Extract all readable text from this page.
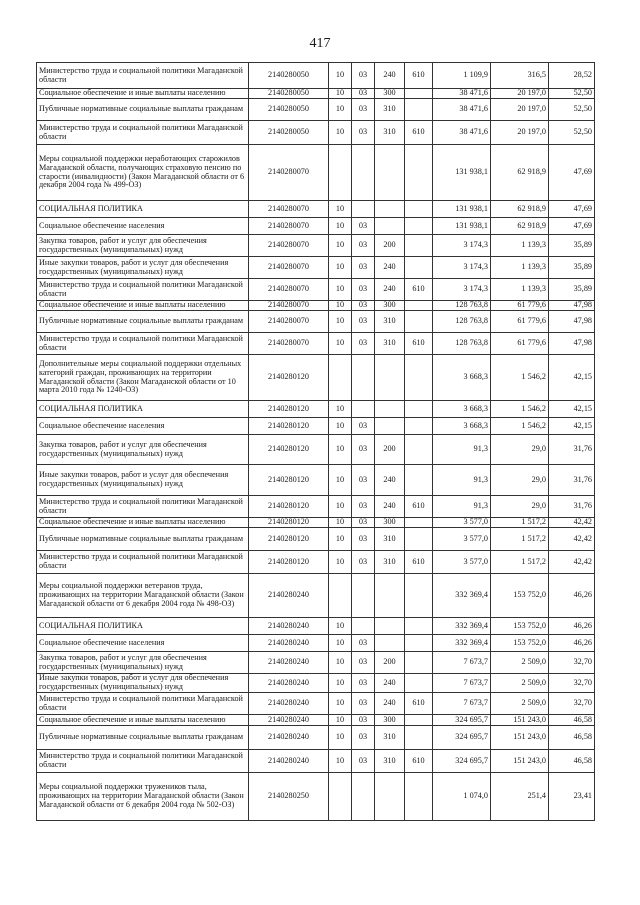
417
Министерство труда и социальной политики Магаданской области	2140280050	10	03	240	610	1 109,9	316,5	28,52
Социальное обеспечение и иные выплаты населению	2140280050	10	03	300		38 471,6	20 197,0	52,50
Публичные нормативные социальные выплаты гражданам	2140280050	10	03	310		38 471,6	20 197,0	52,50
Министерство труда и социальной политики Магаданской области	2140280050	10	03	310	610	38 471,6	20 197,0	52,50
Меры социальной поддержки неработающих старожилов Магаданской области, получающих страховую пенсию по старости (инвалидности) (Закон Магаданской области от 6 декабря 2004 года № 499-ОЗ)	2140280070					131 938,1	62 918,9	47,69
СОЦИАЛЬНАЯ ПОЛИТИКА	2140280070	10				131 938,1	62 918,9	47,69
Социальное обеспечение населения	2140280070	10	03			131 938,1	62 918,9	47,69
Закупка товаров, работ и услуг для обеспечения государственных (муниципальных) нужд	2140280070	10	03	200		3 174,3	1 139,3	35,89
Иные закупки товаров, работ и услуг для обеспечения государственных (муниципальных) нужд	2140280070	10	03	240		3 174,3	1 139,3	35,89
Министерство труда и социальной политики Магаданской области	2140280070	10	03	240	610	3 174,3	1 139,3	35,89
Социальное обеспечение и иные выплаты населению	2140280070	10	03	300		128 763,8	61 779,6	47,98
Публичные нормативные социальные выплаты гражданам	2140280070	10	03	310		128 763,8	61 779,6	47,98
Министерство труда и социальной политики Магаданской области	2140280070	10	03	310	610	128 763,8	61 779,6	47,98
Дополнительные меры социальной поддержки отдельных категорий граждан, проживающих на территории Магаданской области (Закон Магаданской области от 10 марта 2010 года № 1240-ОЗ)	2140280120					3 668,3	1 546,2	42,15
СОЦИАЛЬНАЯ ПОЛИТИКА	2140280120	10				3 668,3	1 546,2	42,15
Социальное обеспечение населения	2140280120	10	03			3 668,3	1 546,2	42,15
Закупка товаров, работ и услуг для обеспечения государственных (муниципальных) нужд	2140280120	10	03	200		91,3	29,0	31,76
Иные закупки товаров, работ и услуг для обеспечения государственных (муниципальных) нужд	2140280120	10	03	240		91,3	29,0	31,76
Министерство труда и социальной политики Магаданской области	2140280120	10	03	240	610	91,3	29,0	31,76
Социальное обеспечение и иные выплаты населению	2140280120	10	03	300		3 577,0	1 517,2	42,42
Публичные нормативные социальные выплаты гражданам	2140280120	10	03	310		3 577,0	1 517,2	42,42
Министерство труда и социальной политики Магаданской области	2140280120	10	03	310	610	3 577,0	1 517,2	42,42
Меры социальной поддержки ветеранов труда, проживающих на территории Магаданской области (Закон Магаданской области от 6 декабря 2004 года № 498-ОЗ)	2140280240					332 369,4	153 752,0	46,26
СОЦИАЛЬНАЯ ПОЛИТИКА	2140280240	10				332 369,4	153 752,0	46,26
Социальное обеспечение населения	2140280240	10	03			332 369,4	153 752,0	46,26
Закупка товаров, работ и услуг для обеспечения государственных (муниципальных) нужд	2140280240	10	03	200		7 673,7	2 509,0	32,70
Иные закупки товаров, работ и услуг для обеспечения государственных (муниципальных) нужд	2140280240	10	03	240		7 673,7	2 509,0	32,70
Министерство труда и социальной политики Магаданской области	2140280240	10	03	240	610	7 673,7	2 509,0	32,70
Социальное обеспечение и иные выплаты населению	2140280240	10	03	300		324 695,7	151 243,0	46,58
Публичные нормативные социальные выплаты гражданам	2140280240	10	03	310		324 695,7	151 243,0	46,58
Министерство труда и социальной политики Магаданской области	2140280240	10	03	310	610	324 695,7	151 243,0	46,58
Меры социальной поддержки тружеников тыла, проживающих на территории Магаданской области (Закон Магаданской области от 6 декабря 2004 года № 502-ОЗ)	2140280250					1 074,0	251,4	23,41
